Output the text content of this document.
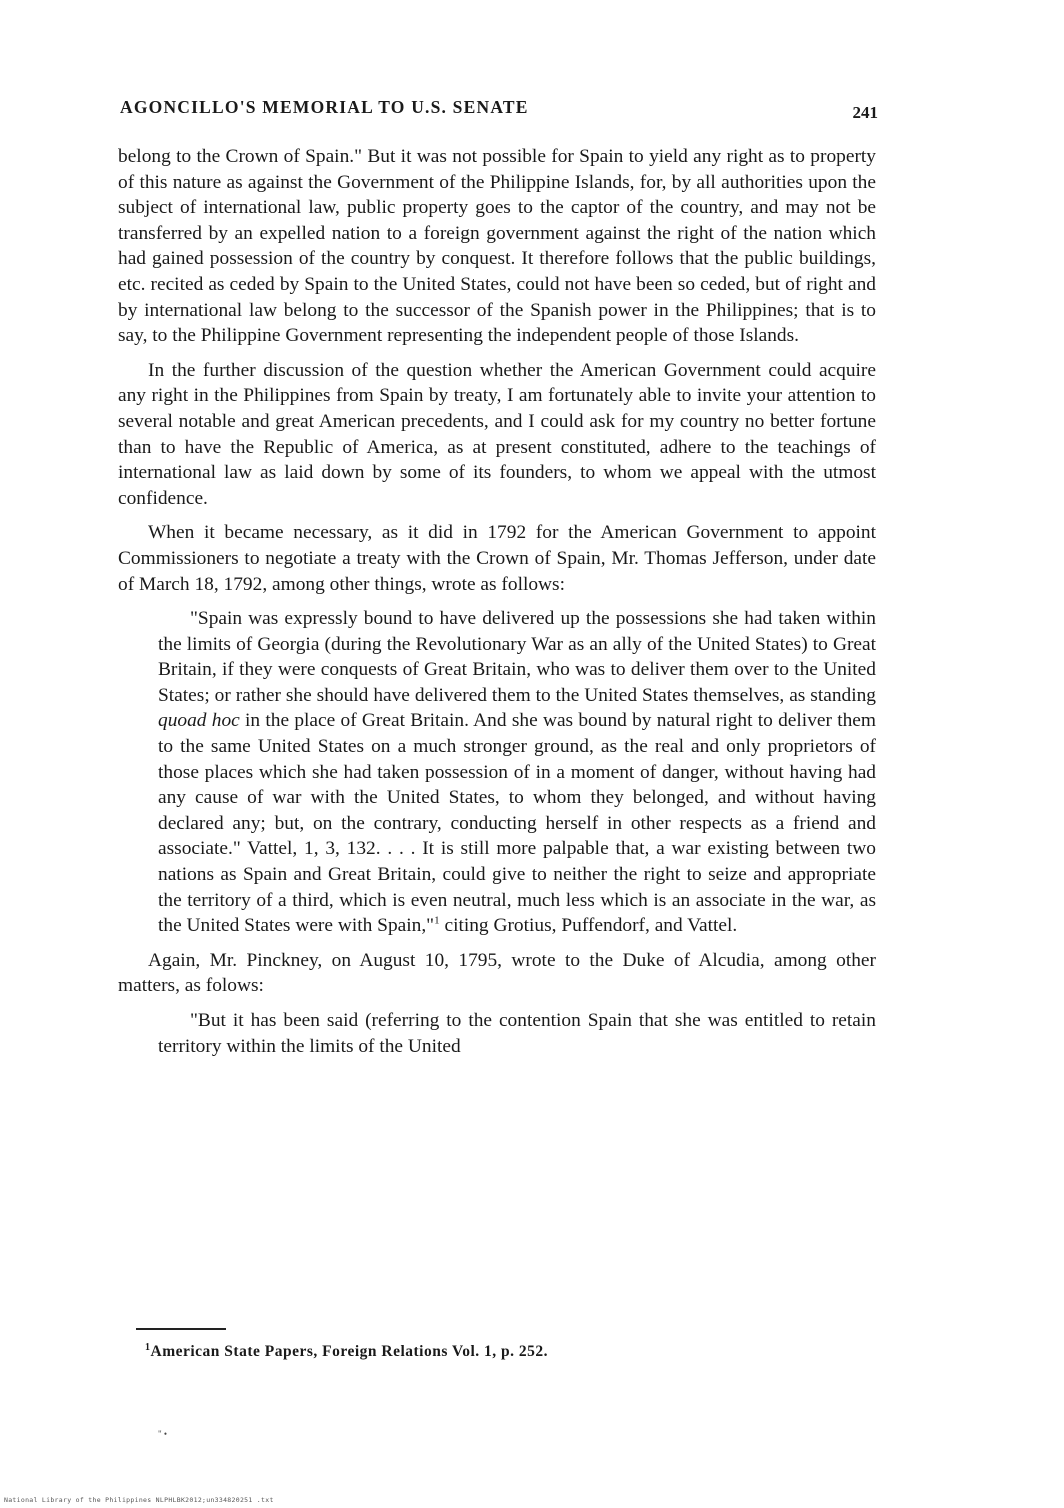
AGONCILLO'S MEMORIAL TO U.S. SENATE	241

belong to the Crown of Spain." But it was not possible for Spain to yield any right as to property of this nature as against the Government of the Philippine Islands, for, by all authorities upon the subject of international law, public property goes to the captor of the country, and may not be transferred by an expelled nation to a foreign government against the right of the nation which had gained possession of the country by conquest. It therefore follows that the public buildings, etc. recited as ceded by Spain to the United States, could not have been so ceded, but of right and by international law belong to the successor of the Spanish power in the Philippines; that is to say, to the Philippine Government representing the independent people of those Islands.

In the further discussion of the question whether the American Government could acquire any right in the Philippines from Spain by treaty, I am fortunately able to invite your attention to several notable and great American precedents, and I could ask for my country no better fortune than to have the Republic of America, as at present constituted, adhere to the teachings of international law as laid down by some of its founders, to whom we appeal with the utmost confidence.

When it became necessary, as it did in 1792 for the American Government to appoint Commissioners to negotiate a treaty with the Crown of Spain, Mr. Thomas Jefferson, under date of March 18, 1792, among other things, wrote as follows:

"Spain was expressly bound to have delivered up the possessions she had taken within the limits of Georgia (during the Revolutionary War as an ally of the United States) to Great Britain, if they were conquests of Great Britain, who was to deliver them over to the United States; or rather she should have delivered them to the United States themselves, as standing quoad hoc in the place of Great Britain. And she was bound by natural right to deliver them to the same United States on a much stronger ground, as the real and only proprietors of those places which she had taken possession of in a moment of danger, without having had any cause of war with the United States, to whom they belonged, and without having declared any; but, on the contrary, conducting herself in other respects as a friend and associate." Vattel, 1, 3, 132. . . . It is still more palpable that, a war existing between two nations as Spain and Great Britain, could give to neither the right to seize and appropriate the territory of a third, which is even neutral, much less which is an associate in the war, as the United States were with Spain,"$^1$ citing Grotius, Puffendorf, and Vattel.

Again, Mr. Pinckney, on August 10, 1795, wrote to the Duke of Alcudia, among other matters, as folows:

"But it has been said (referring to the contention Spain that she was entitled to retain territory within the limits of the United

$^1$American State Papers, Foreign Relations Vol. 1, p. 252.
" •
National Library of the Philippines NLPHLBK2012;un334820251 .txt
